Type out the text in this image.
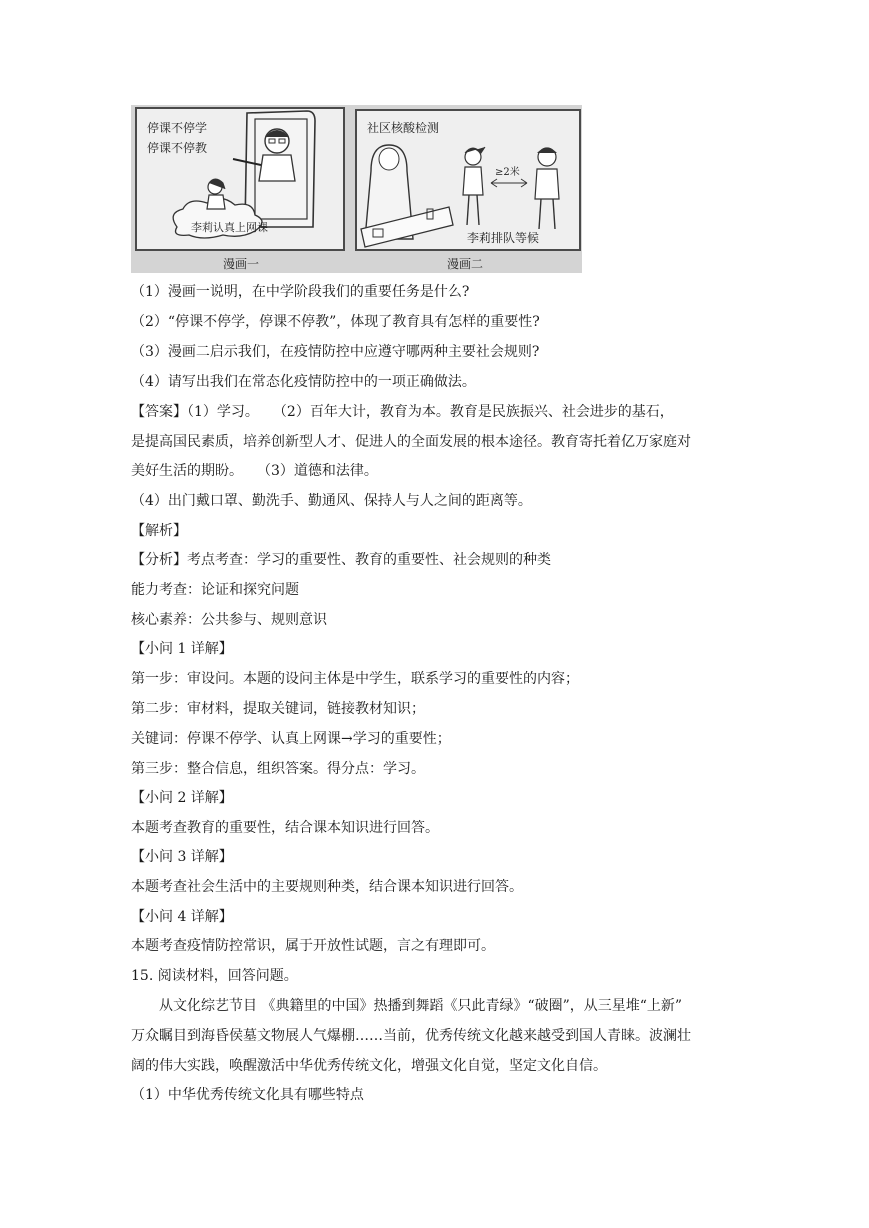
停课不停学
停课不停教
李莉认真上网课
漫画一
社区核酸检测
≥2米
李莉排队等候
漫画二
（1）漫画一说明，在中学阶段我们的重要任务是什么?
（2）“停课不停学，停课不停教”，体现了教育具有怎样的重要性?
（3）漫画二启示我们，在疫情防控中应遵守哪两种主要社会规则?
（4）请写出我们在常态化疫情防控中的一项正确做法。
【答案】（1）学习。　　（2）百年大计，教育为本。教育是民族振兴、社会进步的基石，
是提高国民素质，培养创新型人才、促进人的全面发展的根本途径。教育寄托着亿万家庭对
美好生活的期盼。　　（3）道德和法律。
（4）出门戴口罩、勤洗手、勤通风、保持人与人之间的距离等。
【解析】
【分析】考点考查：学习的重要性、教育的重要性、社会规则的种类
能力考查：论证和探究问题
核心素养：公共参与、规则意识
【小问 1 详解】
第一步：审设问。本题的设问主体是中学生，联系学习的重要性的内容；
第二步：审材料，提取关键词，链接教材知识；
关键词：停课不停学、认真上网课→学习的重要性；
第三步：整合信息，组织答案。得分点：学习。
【小问 2 详解】
本题考查教育的重要性，结合课本知识进行回答。
【小问 3 详解】
本题考查社会生活中的主要规则种类，结合课本知识进行回答。
【小问 4 详解】
本题考查疫情防控常识，属于开放性试题，言之有理即可。
15. 阅读材料，回答问题。
　　从文化综艺节目 《典籍里的中国》热播到舞蹈《只此青绿》“破圈”，从三星堆“上新”
万众瞩目到海昏侯墓文物展人气爆棚……当前，优秀传统文化越来越受到国人青睐。波澜壮
阔的伟大实践，唤醒激活中华优秀传统文化，增强文化自觉，坚定文化自信。
（1）中华优秀传统文化具有哪些特点
